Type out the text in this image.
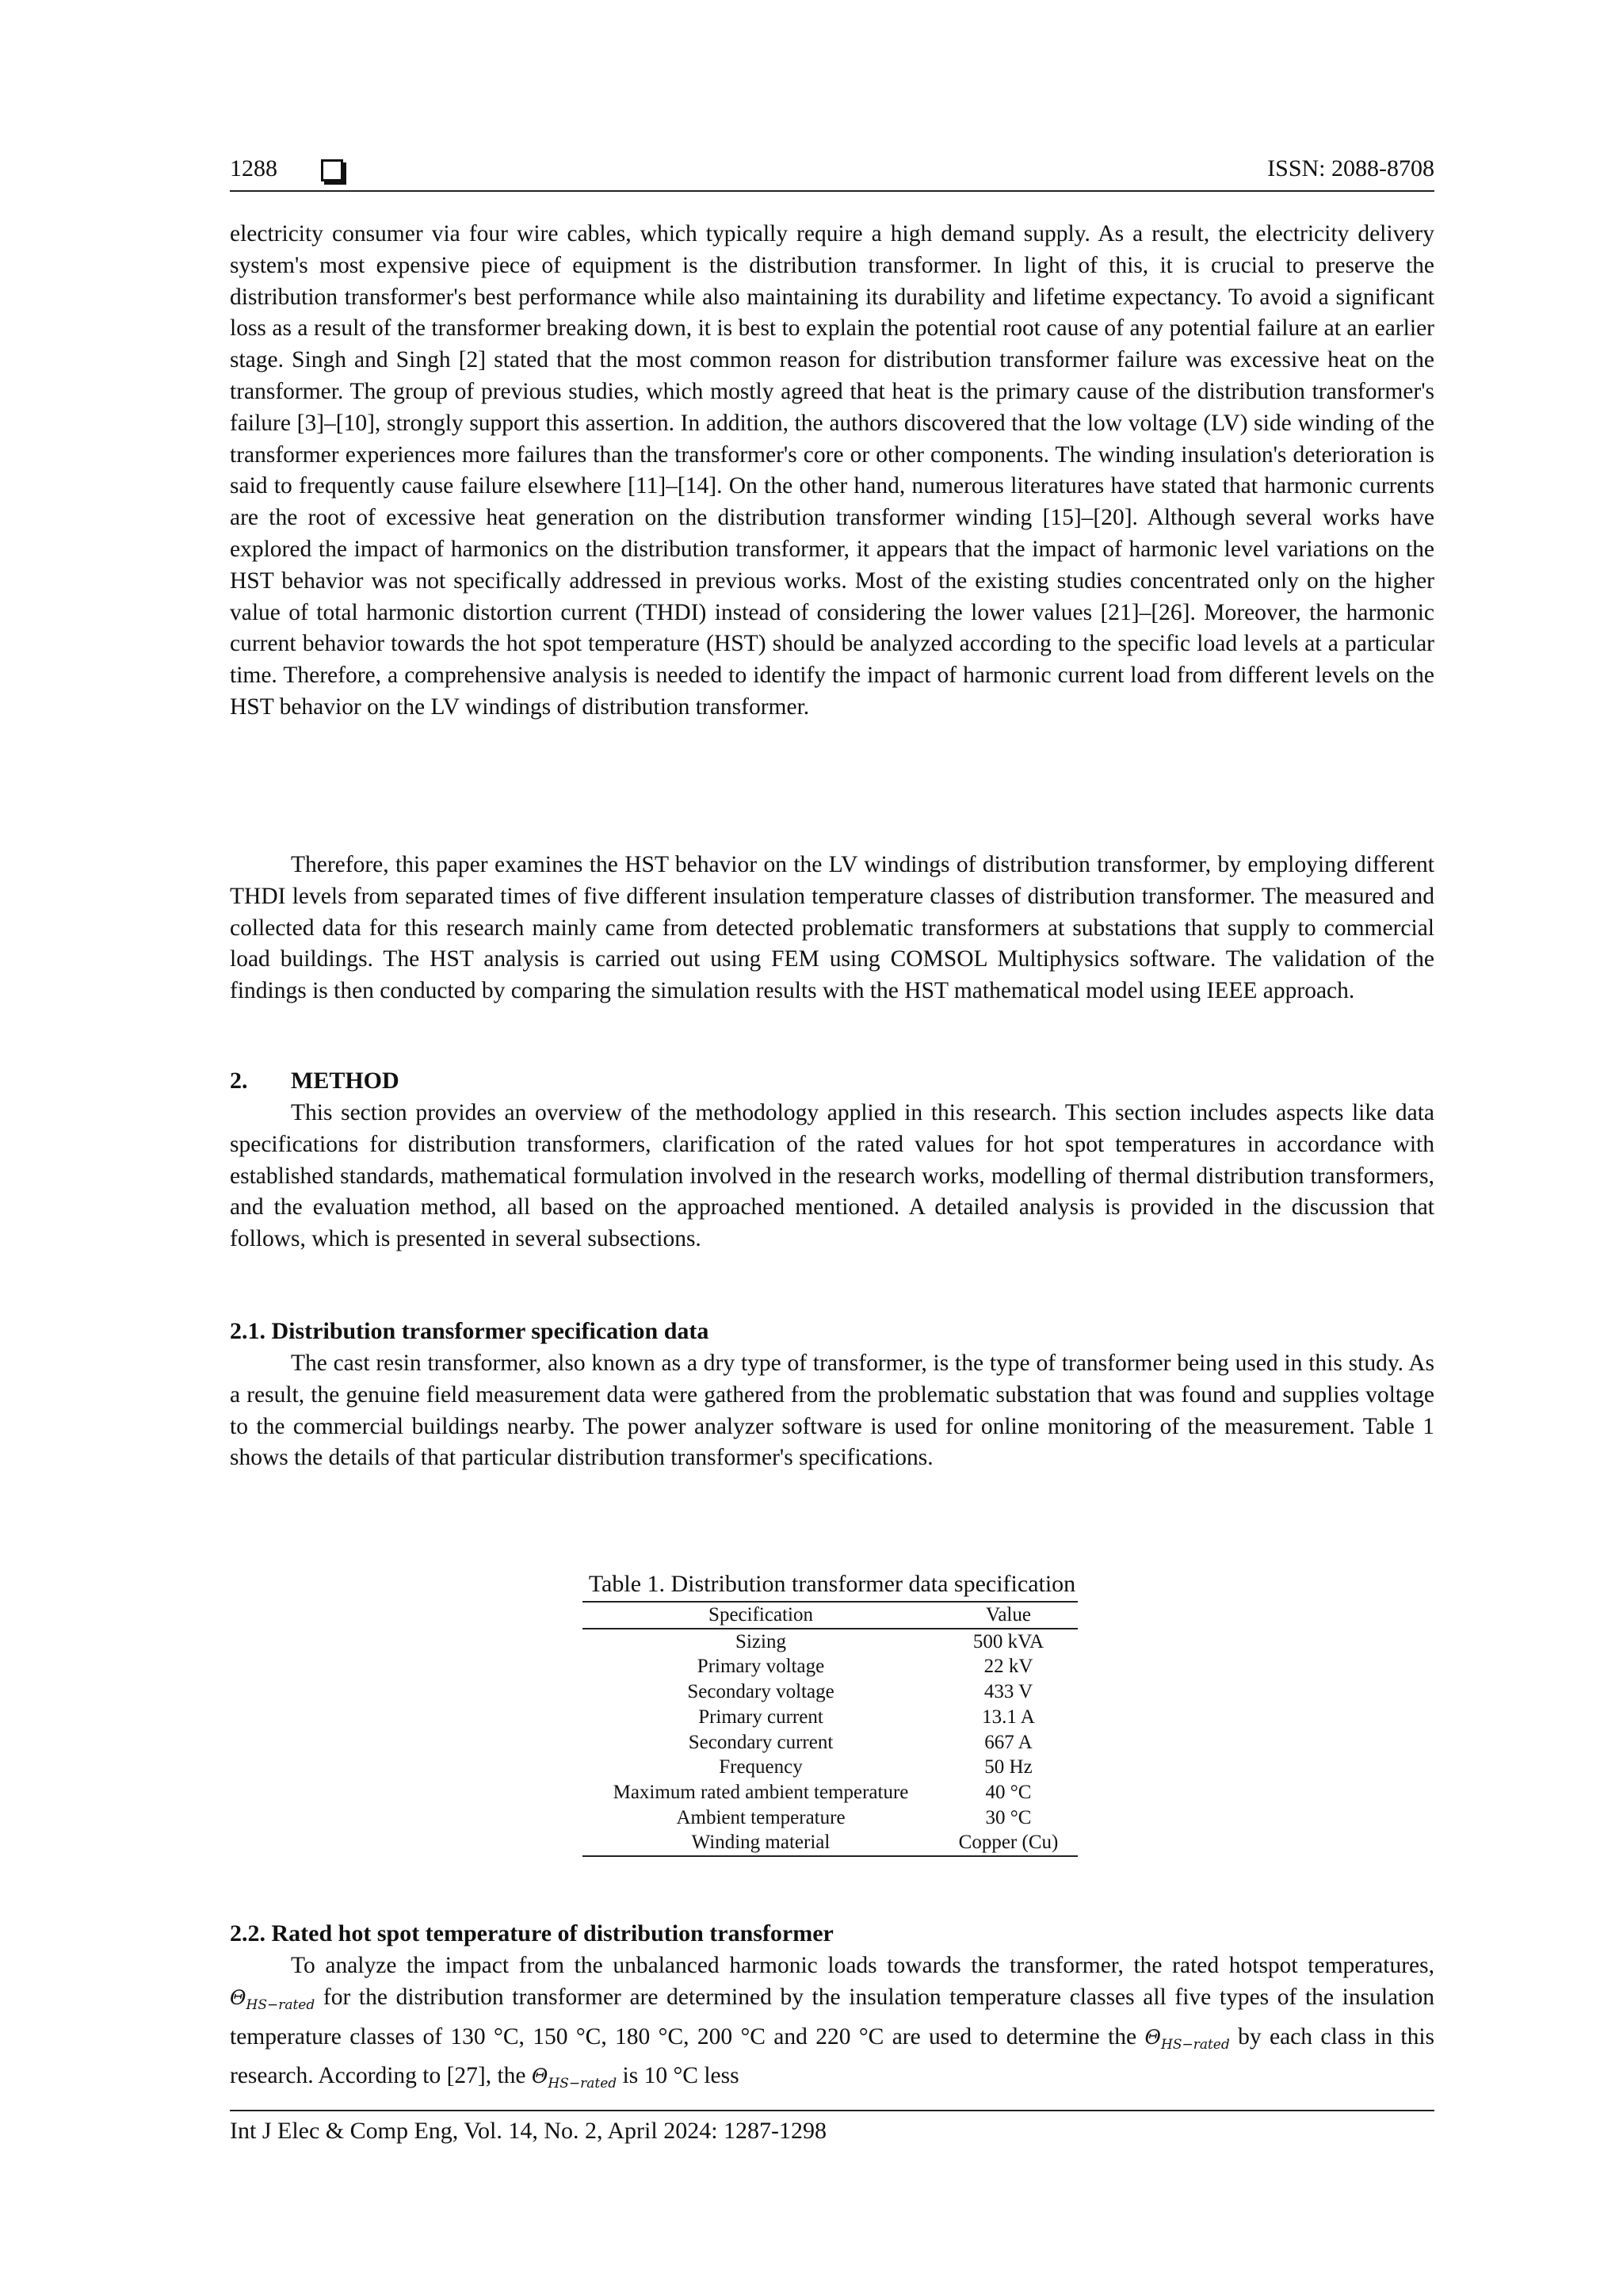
1288	ISSN: 2088-8708

electricity consumer via four wire cables, which typically require a high demand supply. As a result, the electricity delivery system's most expensive piece of equipment is the distribution transformer. In light of this, it is crucial to preserve the distribution transformer's best performance while also maintaining its durability and lifetime expectancy. To avoid a significant loss as a result of the transformer breaking down, it is best to explain the potential root cause of any potential failure at an earlier stage. Singh and Singh [2] stated that the most common reason for distribution transformer failure was excessive heat on the transformer. The group of previous studies, which mostly agreed that heat is the primary cause of the distribution transformer's failure [3]–[10], strongly support this assertion. In addition, the authors discovered that the low voltage (LV) side winding of the transformer experiences more failures than the transformer's core or other components. The winding insulation's deterioration is said to frequently cause failure elsewhere [11]–[14]. On the other hand, numerous literatures have stated that harmonic currents are the root of excessive heat generation on the distribution transformer winding [15]–[20]. Although several works have explored the impact of harmonics on the distribution transformer, it appears that the impact of harmonic level variations on the HST behavior was not specifically addressed in previous works. Most of the existing studies concentrated only on the higher value of total harmonic distortion current (THDI) instead of considering the lower values [21]–[26]. Moreover, the harmonic current behavior towards the hot spot temperature (HST) should be analyzed according to the specific load levels at a particular time. Therefore, a comprehensive analysis is needed to identify the impact of harmonic current load from different levels on the HST behavior on the LV windings of distribution transformer.

Therefore, this paper examines the HST behavior on the LV windings of distribution transformer, by employing different THDI levels from separated times of five different insulation temperature classes of distribution transformer. The measured and collected data for this research mainly came from detected problematic transformers at substations that supply to commercial load buildings. The HST analysis is carried out using FEM using COMSOL Multiphysics software. The validation of the findings is then conducted by comparing the simulation results with the HST mathematical model using IEEE approach.

2. METHOD

This section provides an overview of the methodology applied in this research. This section includes aspects like data specifications for distribution transformers, clarification of the rated values for hot spot temperatures in accordance with established standards, mathematical formulation involved in the research works, modelling of thermal distribution transformers, and the evaluation method, all based on the approached mentioned. A detailed analysis is provided in the discussion that follows, which is presented in several subsections.

2.1. Distribution transformer specification data

The cast resin transformer, also known as a dry type of transformer, is the type of transformer being used in this study. As a result, the genuine field measurement data were gathered from the problematic substation that was found and supplies voltage to the commercial buildings nearby. The power analyzer software is used for online monitoring of the measurement. Table 1 shows the details of that particular distribution transformer's specifications.

Table 1. Distribution transformer data specification
Specification	Value
Sizing	500 kVA
Primary voltage	22 kV
Secondary voltage	433 V
Primary current	13.1 A
Secondary current	667 A
Frequency	50 Hz
Maximum rated ambient temperature	40 °C
Ambient temperature	30 °C
Winding material	Copper (Cu)

2.2. Rated hot spot temperature of distribution transformer

To analyze the impact from the unbalanced harmonic loads towards the transformer, the rated hotspot temperatures, $\Theta_{HS-rated}$ for the distribution transformer are determined by the insulation temperature classes all five types of the insulation temperature classes of 130 °C, 150 °C, 180 °C, 200 °C and 220 °C are used to determine the $\Theta_{HS-rated}$ by each class in this research. According to [27], the $\Theta_{HS-rated}$ is 10 °C less

Int J Elec & Comp Eng, Vol. 14, No. 2, April 2024: 1287-1298
